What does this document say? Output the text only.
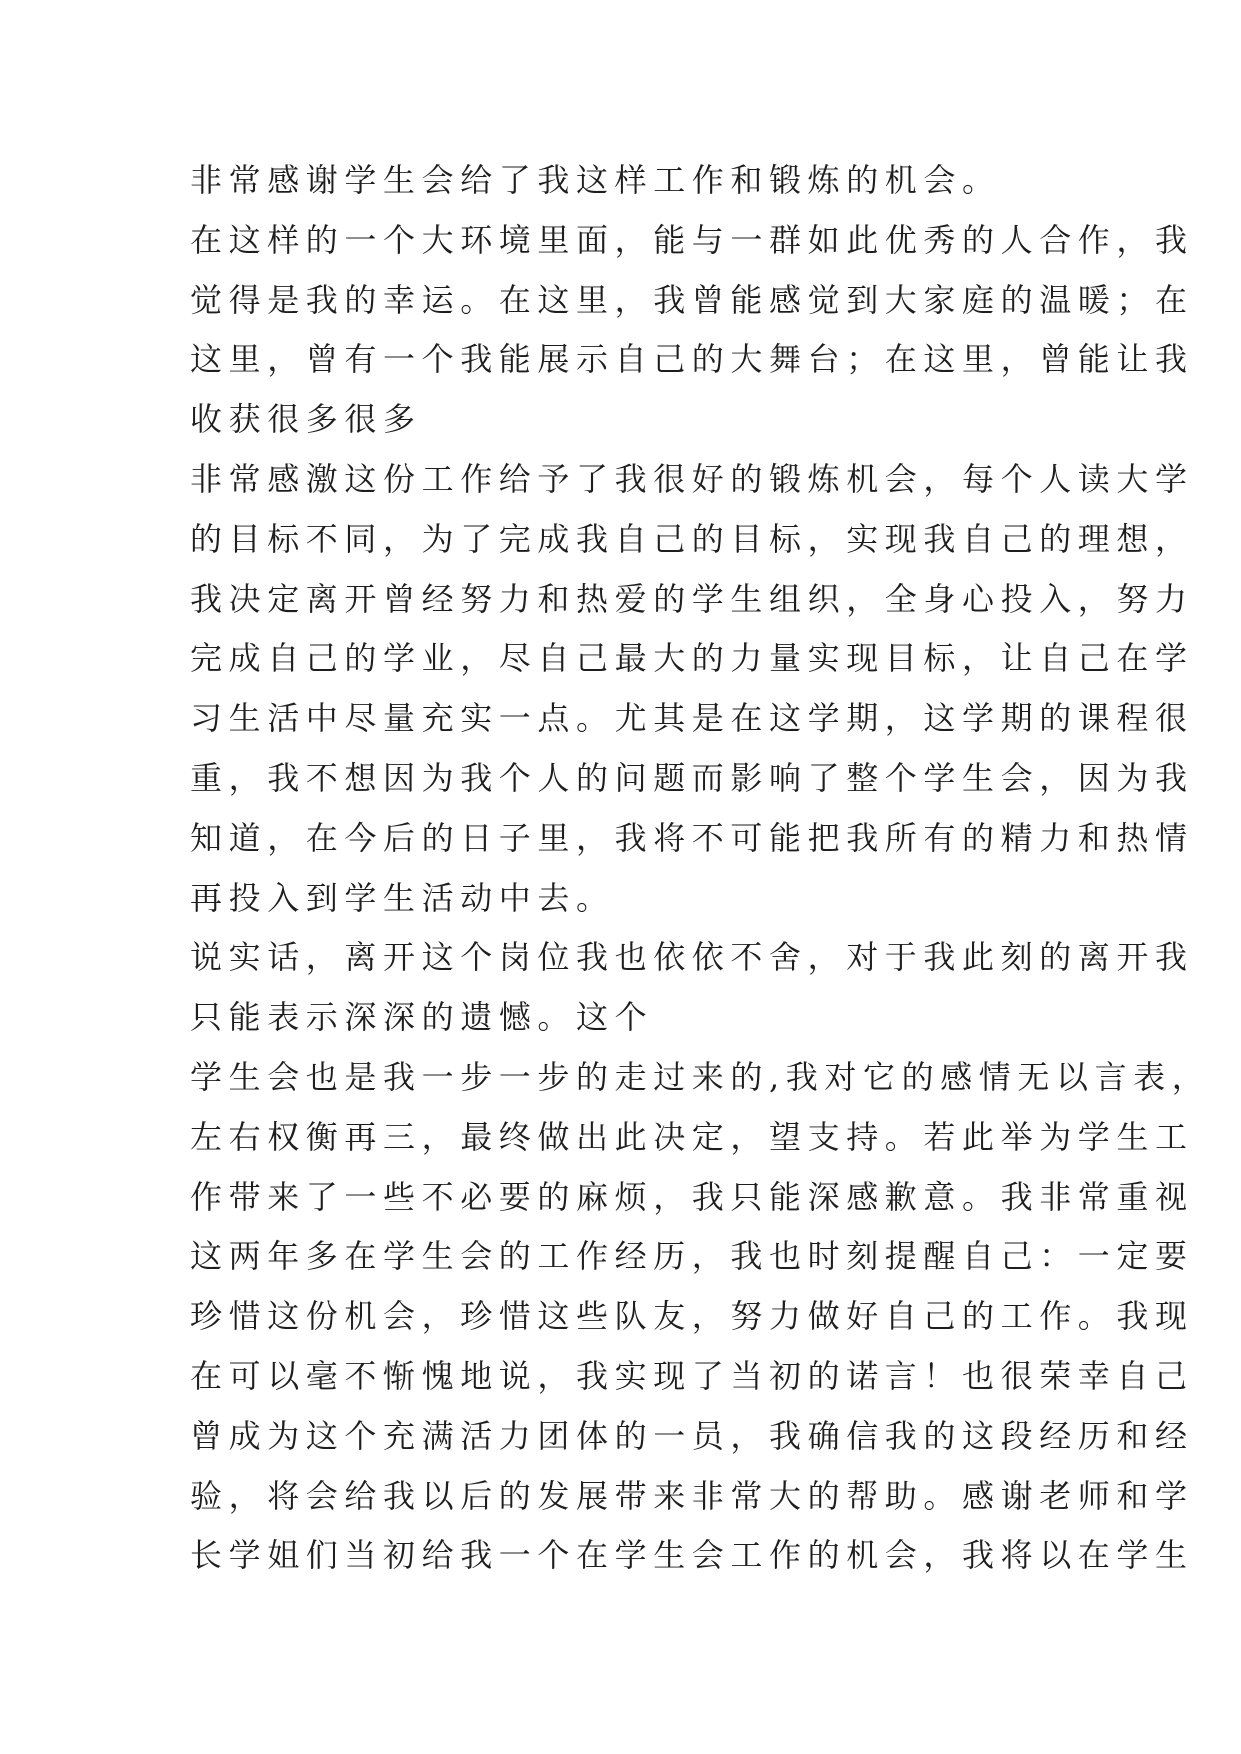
非常感谢学生会给了我这样工作和锻炼的机会。
在这样的一个大环境里面，能与一群如此优秀的人合作，我
觉得是我的幸运。在这里，我曾能感觉到大家庭的温暖；在
这里，曾有一个我能展示自己的大舞台；在这里，曾能让我
收获很多很多
非常感激这份工作给予了我很好的锻炼机会，每个人读大学
的目标不同，为了完成我自己的目标，实现我自己的理想，
我决定离开曾经努力和热爱的学生组织，全身心投入，努力
完成自己的学业，尽自己最大的力量实现目标，让自己在学
习生活中尽量充实一点。尤其是在这学期，这学期的课程很
重，我不想因为我个人的问题而影响了整个学生会，因为我
知道，在今后的日子里，我将不可能把我所有的精力和热情
再投入到学生活动中去。
说实话，离开这个岗位我也依依不舍，对于我此刻的离开我
只能表示深深的遗憾。这个
学生会也是我一步一步的走过来的,我对它的感情无以言表，
左右权衡再三，最终做出此决定，望支持。若此举为学生工
作带来了一些不必要的麻烦，我只能深感歉意。我非常重视
这两年多在学生会的工作经历，我也时刻提醒自己：一定要
珍惜这份机会，珍惜这些队友，努力做好自己的工作。我现
在可以毫不惭愧地说，我实现了当初的诺言！也很荣幸自己
曾成为这个充满活力团体的一员，我确信我的这段经历和经
验，将会给我以后的发展带来非常大的帮助。感谢老师和学
长学姐们当初给我一个在学生会工作的机会，我将以在学生
